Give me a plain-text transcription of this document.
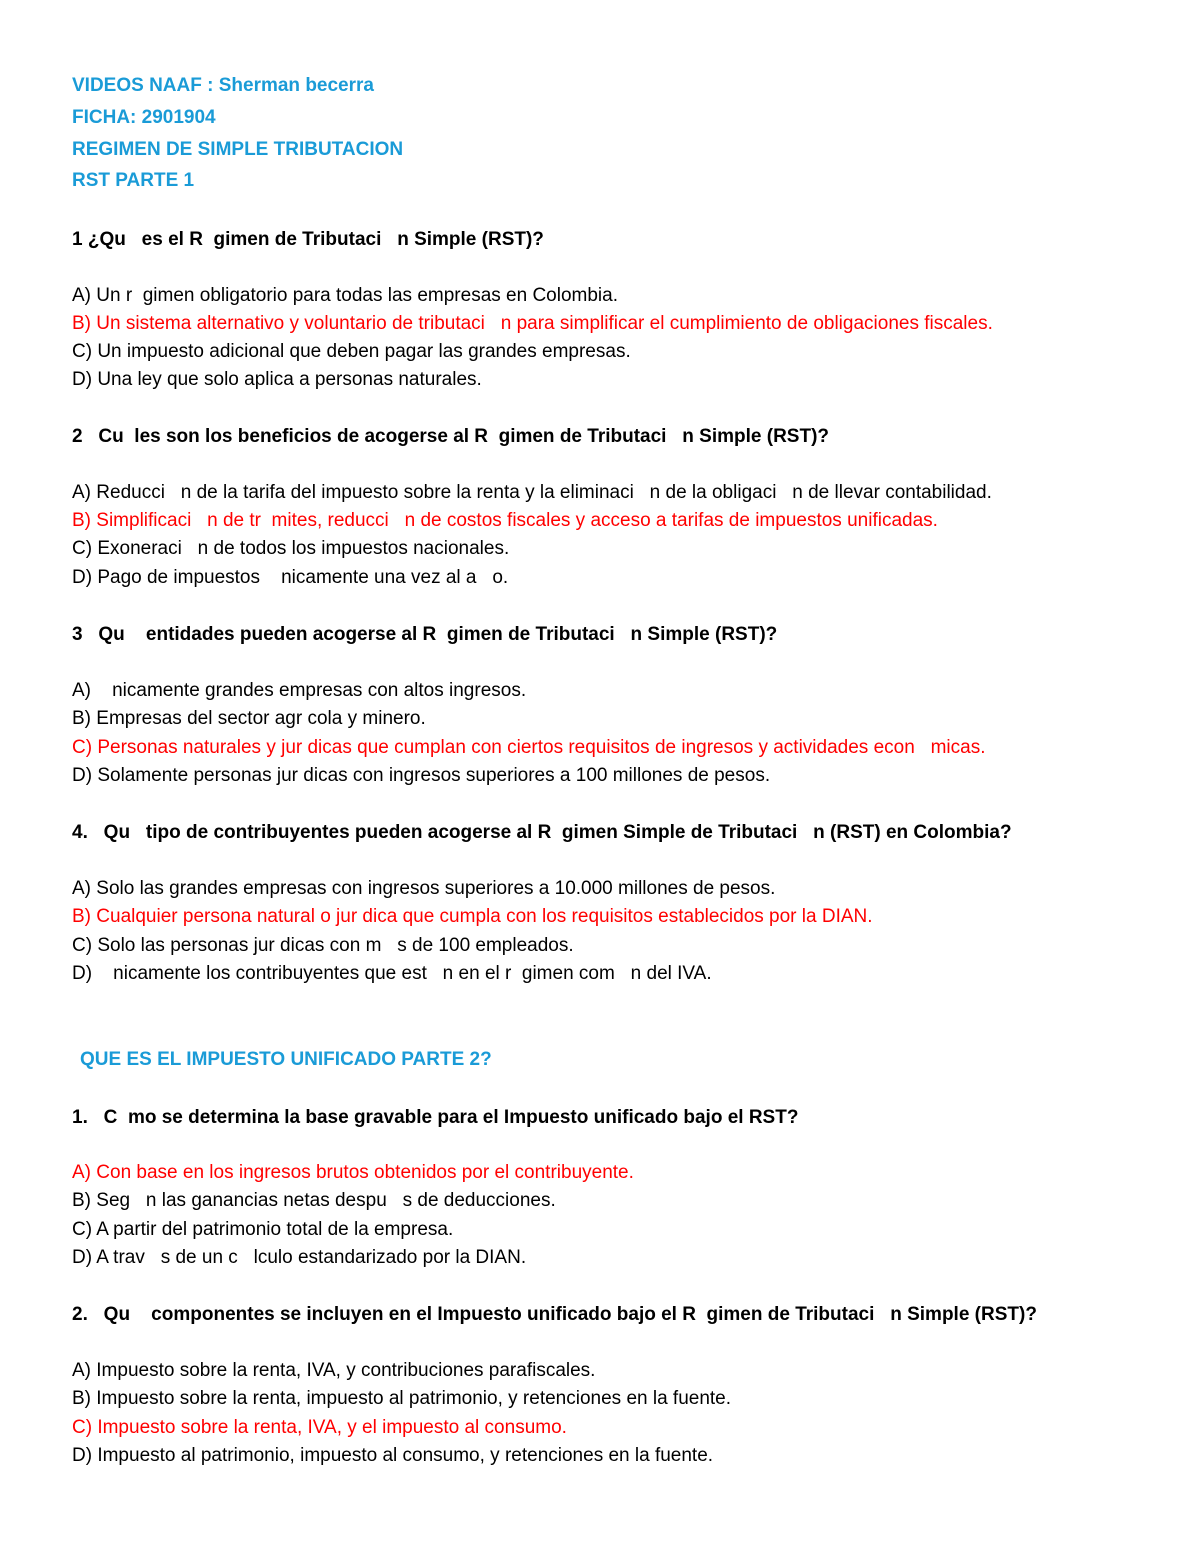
VIDEOS NAAF : Sherman becerra
FICHA: 2901904
REGIMEN DE SIMPLE TRIBUTACION
RST PARTE 1
1 ¿Qu   es el R  gimen de Tributaci   n Simple (RST)?
A) Un r  gimen obligatorio para todas las empresas en Colombia.
B) Un sistema alternativo y voluntario de tributaci   n para simplificar el cumplimiento de obligaciones fiscales.
C) Un impuesto adicional que deben pagar las grandes empresas.
D) Una ley que solo aplica a personas naturales.
2   Cu  les son los beneficios de acogerse al R  gimen de Tributaci   n Simple (RST)?
A) Reducci   n de la tarifa del impuesto sobre la renta y la eliminaci   n de la obligaci   n de llevar contabilidad.
B) Simplificaci   n de tr  mites, reducci   n de costos fiscales y acceso a tarifas de impuestos unificadas.
C) Exoneraci   n de todos los impuestos nacionales.
D) Pago de impuestos    nicamente una vez al a   o.
3   Qu    entidades pueden acogerse al R  gimen de Tributaci   n Simple (RST)?
A)    nicamente grandes empresas con altos ingresos.
B) Empresas del sector agr cola y minero.
C) Personas naturales y jur dicas que cumplan con ciertos requisitos de ingresos y actividades econ   micas.
D) Solamente personas jur dicas con ingresos superiores a 100 millones de pesos.
4.   Qu   tipo de contribuyentes pueden acogerse al R  gimen Simple de Tributaci   n (RST) en Colombia?
A) Solo las grandes empresas con ingresos superiores a 10.000 millones de pesos.
B) Cualquier persona natural o jur dica que cumpla con los requisitos establecidos por la DIAN.
C) Solo las personas jur dicas con m   s de 100 empleados.
D)    nicamente los contribuyentes que est   n en el r  gimen com   n del IVA.
QUE ES EL IMPUESTO UNIFICADO PARTE 2?
1.   C  mo se determina la base gravable para el Impuesto unificado bajo el RST?
A) Con base en los ingresos brutos obtenidos por el contribuyente.
B) Seg   n las ganancias netas despu   s de deducciones.
C) A partir del patrimonio total de la empresa.
D) A trav   s de un c   lculo estandarizado por la DIAN.
2.   Qu    componentes se incluyen en el Impuesto unificado bajo el R  gimen de Tributaci   n Simple (RST)?
A) Impuesto sobre la renta, IVA, y contribuciones parafiscales.
B) Impuesto sobre la renta, impuesto al patrimonio, y retenciones en la fuente.
C) Impuesto sobre la renta, IVA, y el impuesto al consumo.
D) Impuesto al patrimonio, impuesto al consumo, y retenciones en la fuente.
